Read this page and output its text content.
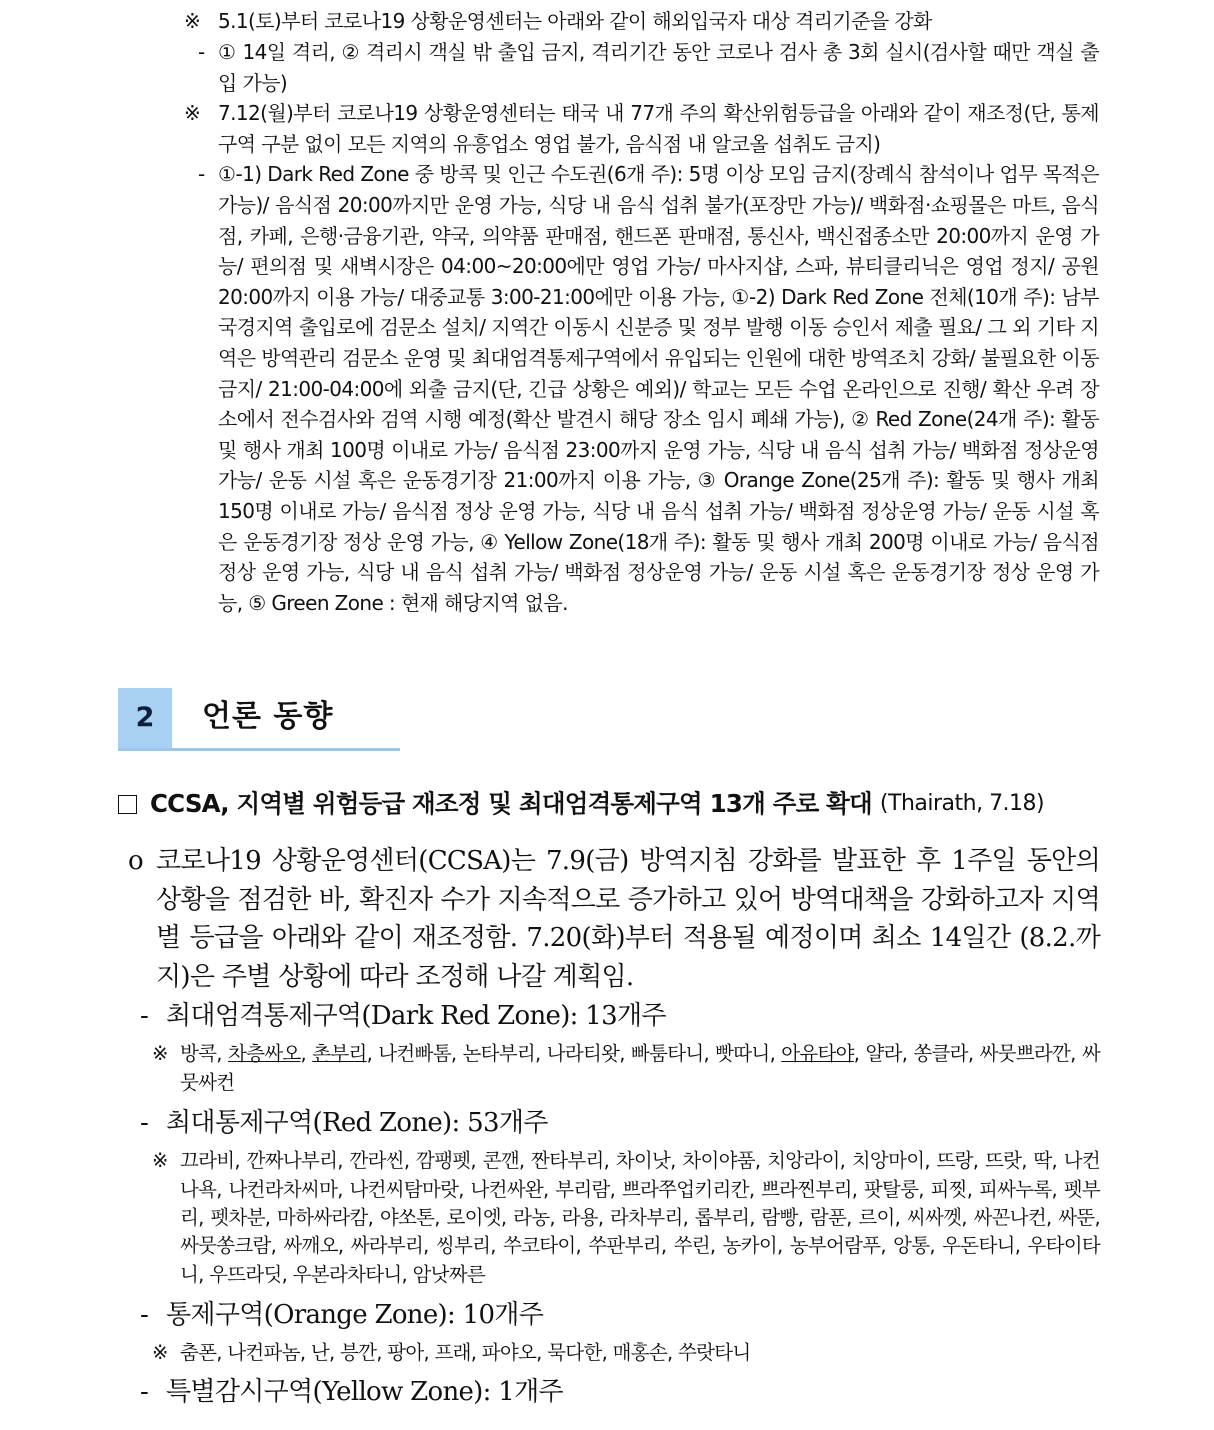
※ 5.1(토)부터 코로나19 상황운영센터는 아래와 같이 해외입국자 대상 격리기준을 강화
- ① 14일 격리, ② 격리시 객실 밖 출입 금지, 격리기간 동안 코로나 검사 총 3회 실시(검사할 때만 객실 출입 가능)
※ 7.12(월)부터 코로나19 상황운영센터는 태국 내 77개 주의 확산위험등급을 아래와 같이 재조정(단, 통제구역 구분 없이 모든 지역의 유흥업소 영업 불가, 음식점 내 알코올 섭취도 금지)
- ①-1) Dark Red Zone 중 방콕 및 인근 수도권(6개 주): 5명 이상 모임 금지(장례식 참석이나 업무 목적은 가능)/ 음식점 20:00까지만 운영 가능, 식당 내 음식 섭취 불가(포장만 가능)/ 백화점·쇼핑몰은 마트, 음식점, 카페, 은행·금융기관, 약국, 의약품 판매점, 핸드폰 판매점, 통신사, 백신접종소만 20:00까지 운영 가능/ 편의점 및 새벽시장은 04:00~20:00에만 영업 가능/ 마사지샵, 스파, 뷰티클리닉은 영업 정지/ 공원 20:00까지 이용 가능/ 대중교통 3:00-21:00에만 이용 가능, ①-2) Dark Red Zone 전체(10개 주): 남부국경지역 출입로에 검문소 설치/ 지역간 이동시 신분증 및 정부 발행 이동 승인서 제출 필요/ 그 외 기타 지역은 방역관리 검문소 운영 및 최대엄격통제구역에서 유입되는 인원에 대한 방역조치 강화/ 불필요한 이동 금지/ 21:00-04:00에 외출 금지(단, 긴급 상황은 예외)/ 학교는 모든 수업 온라인으로 진행/ 확산 우려 장소에서 전수검사와 검역 시행 예정(확산 발견시 해당 장소 임시 폐쇄 가능), ② Red Zone(24개 주): 활동 및 행사 개최 100명 이내로 가능/ 음식점 23:00까지 운영 가능, 식당 내 음식 섭취 가능/ 백화점 정상운영 가능/ 운동 시설 혹은 운동경기장 21:00까지 이용 가능, ③ Orange Zone(25개 주): 활동 및 행사 개최 150명 이내로 가능/ 음식점 정상 운영 가능, 식당 내 음식 섭취 가능/ 백화점 정상운영 가능/ 운동 시설 혹은 운동경기장 정상 운영 가능, ④ Yellow Zone(18개 주): 활동 및 행사 개최 200명 이내로 가능/ 음식점 정상 운영 가능, 식당 내 음식 섭취 가능/ 백화점 정상운영 가능/ 운동 시설 혹은 운동경기장 정상 운영 가능, ⑤ Green Zone : 현재 해당지역 없음.
2	언론 동향
CCSA, 지역별 위험등급 재조정 및 최대엄격통제구역 13개 주로 확대 (Thairath, 7.18)
o 코로나19 상황운영센터(CCSA)는 7.9(금) 방역지침 강화를 발표한 후 1주일 동안의 상황을 점검한 바, 확진자 수가 지속적으로 증가하고 있어 방역대책을 강화하고자 지역별 등급을 아래와 같이 재조정함. 7.20(화)부터 적용될 예정이며 최소 14일간 (8.2.까지)은 주별 상황에 따라 조정해 나갈 계획임.
- 최대엄격통제구역(Dark Red Zone): 13개주
※ 방콕, 차층싸오, 촌부리, 나컨빠톰, 논타부리, 나라티왓, 빠툼타니, 빳따니, 아유타야, 얄라, 쏭클라, 싸뭇쁘라깐, 싸뭇싸컨
- 최대통제구역(Red Zone): 53개주
※ 끄라비, 깐짜나부리, 깐라씬, 깜팽펫, 콘깬, 짠타부리, 차이낫, 차이야품, 치앙라이, 치앙마이, 뜨랑, 뜨랏, 딱, 나컨나욕, 나컨라차씨마, 나컨씨탐마랏, 나컨싸완, 부리람, 쁘라쭈업키리칸, 쁘라찐부리, 팟탈룽, 피찟, 피싸누록, 펫부리, 펫차분, 마하싸라캄, 야쏘톤, 로이엣, 라농, 라용, 라차부리, 롭부리, 람빵, 람푼, 르이, 씨싸껫, 싸꼰나컨, 싸뚠, 싸뭇쏭크람, 싸깨오, 싸라부리, 씽부리, 쑤코타이, 쑤판부리, 쑤린, 농카이, 농부어람푸, 앙통, 우돈타니, 우타이타니, 우뜨라딧, 우본라차타니, 암낫짜른
- 통제구역(Orange Zone): 10개주
※ 춤폰, 나컨파놈, 난, 븡깐, 팡아, 프래, 파야오, 묵다한, 매홍손, 쑤랏타니
- 특별감시구역(Yellow Zone): 1개주
